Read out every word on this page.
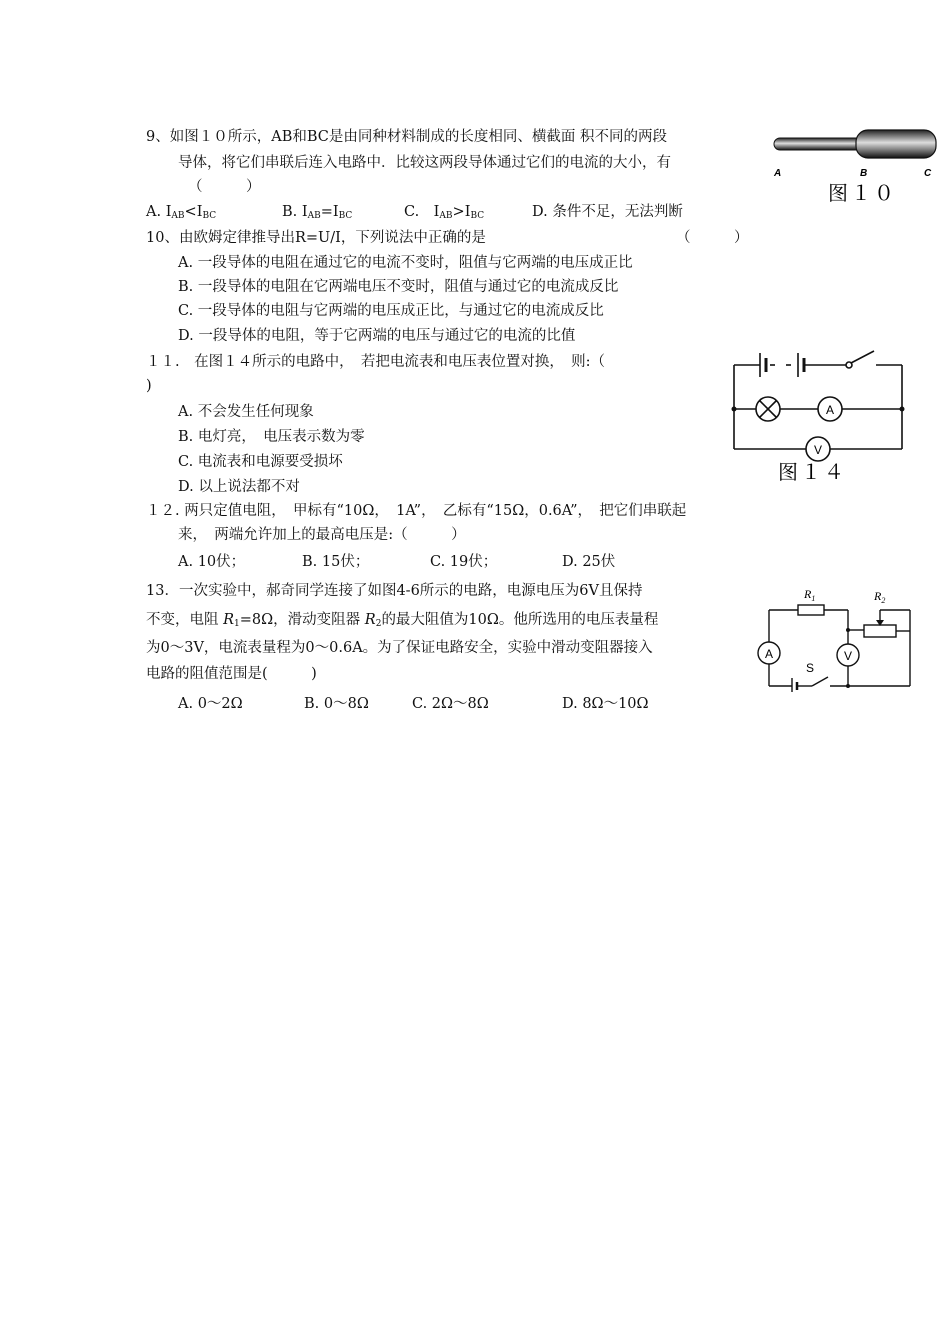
9、如图１０所示，AB和BC是由同种材料制成的长度相同、横截面 积不同的两段
导体，将它们串联后连入电路中．比较这两段导体通过它们的电流的大小，有
（　　　）
A. $I_{AB}<I_{BC}$	B. $I_{AB}=I_{BC}$	C.　$I_{AB}>I_{BC}$	D. 条件不足，无法判断
A	B	C
图１０
10、由欧姆定律推导出R=U/I，下列说法中正确的是	（　　　）
A. 一段导体的电阻在通过它的电流不变时，阻值与它两端的电压成正比
B. 一段导体的电阻在它两端电压不变时，阻值与通过它的电流成反比
C. 一段导体的电阻与它两端的电压成正比，与通过它的电流成反比
D. 一段导体的电阻，等于它两端的电压与通过它的电流的比值
１１.　在图１４所示的电路中，　若把电流表和电压表位置对换，　则:（
)
A. 不会发生任何现象
B. 电灯亮，　电压表示数为零
C. 电流表和电源要受损坏
D. 以上说法都不对
A
V
图１４
１２. 两只定值电阻，　甲标有“10Ω，　1A”，　乙标有“15Ω，0.6A”，　把它们串联起
来，　两端允许加上的最高电压是:（　　　）
A. 10伏；	B. 15伏；	C. 19伏；	D. 25伏
13．一次实验中，郝奇同学连接了如图4-6所示的电路，电源电压为6V且保持
不变，电阻 $R_1=8\Omega$，滑动变阻器 $R_2$的最大阻值为10Ω。他所选用的电压表量程
为0～3V，电流表量程为0～0.6A。为了保证电路安全，实验中滑动变阻器接入
电路的阻值范围是(　　　)
A. 0～2Ω	B. 0～8Ω	C. 2Ω～8Ω	D. 8Ω～10Ω
A	V
$R_1$	$R_2$
S
